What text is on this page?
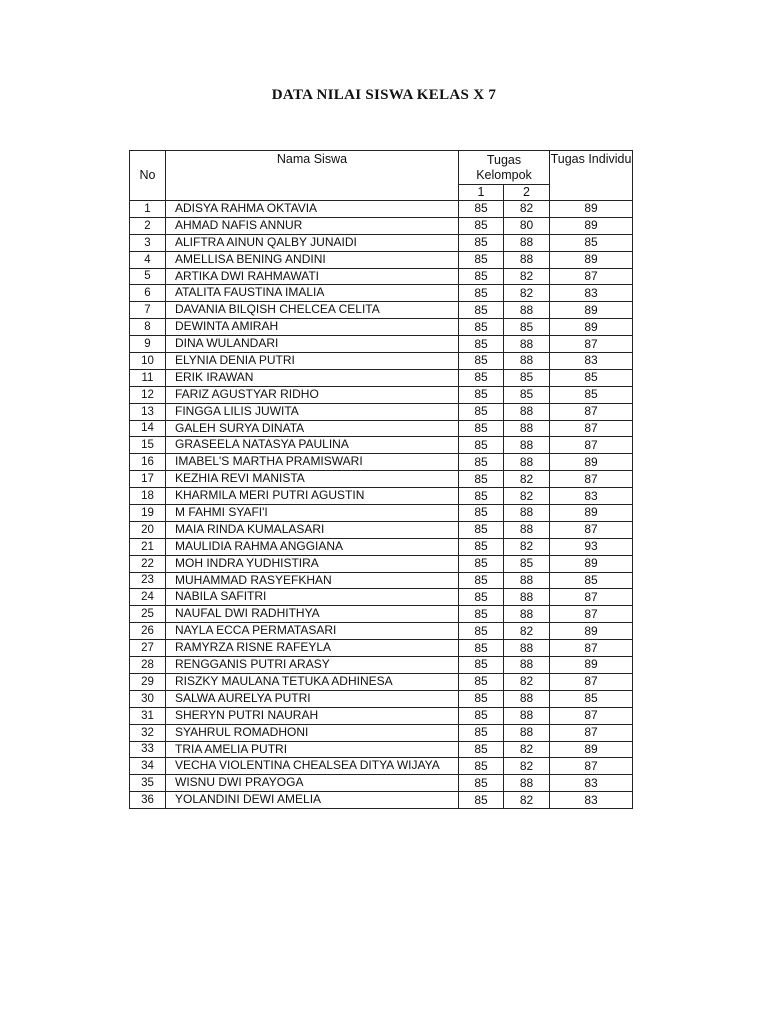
DATA NILAI SISWA KELAS X 7
No	Nama Siswa	Tugas Kelompok		Tugas Individu
		1	2	
1	ADISYA RAHMA OKTAVIA	85	82	89
2	AHMAD NAFIS ANNUR	85	80	89
3	ALIFTRA AINUN QALBY JUNAIDI	85	88	85
4	AMELLISA BENING ANDINI	85	88	89
5	ARTIKA DWI RAHMAWATI	85	82	87
6	ATALITA FAUSTINA IMALIA	85	82	83
7	DAVANIA BILQISH CHELCEA CELITA	85	88	89
8	DEWINTA AMIRAH	85	85	89
9	DINA WULANDARI	85	88	87
10	ELYNIA DENIA PUTRI	85	88	83
11	ERIK IRAWAN	85	85	85
12	FARIZ AGUSTYAR RIDHO	85	85	85
13	FINGGA LILIS JUWITA	85	88	87
14	GALEH SURYA DINATA	85	88	87
15	GRASEELA NATASYA PAULINA	85	88	87
16	IMABEL'S MARTHA PRAMISWARI	85	88	89
17	KEZHIA REVI MANISTA	85	82	87
18	KHARMILA MERI PUTRI AGUSTIN	85	82	83
19	M FAHMI SYAFI'I	85	88	89
20	MAIA RINDA KUMALASARI	85	88	87
21	MAULIDIA RAHMA ANGGIANA	85	82	93
22	MOH INDRA YUDHISTIRA	85	85	89
23	MUHAMMAD RASYEFKHAN	85	88	85
24	NABILA SAFITRI	85	88	87
25	NAUFAL DWI RADHITHYA	85	88	87
26	NAYLA ECCA PERMATASARI	85	82	89
27	RAMYRZA RISNE RAFEYLA	85	88	87
28	RENGGANIS PUTRI ARASY	85	88	89
29	RISZKY MAULANA TETUKA ADHINESA	85	82	87
30	SALWA AURELYA PUTRI	85	88	85
31	SHERYN PUTRI NAURAH	85	88	87
32	SYAHRUL ROMADHONI	85	88	87
33	TRIA AMELIA PUTRI	85	82	89
34	VECHA VIOLENTINA CHEALSEA DITYA WIJAYA	85	82	87
35	WISNU DWI PRAYOGA	85	88	83
36	YOLANDINI DEWI AMELIA	85	82	83
